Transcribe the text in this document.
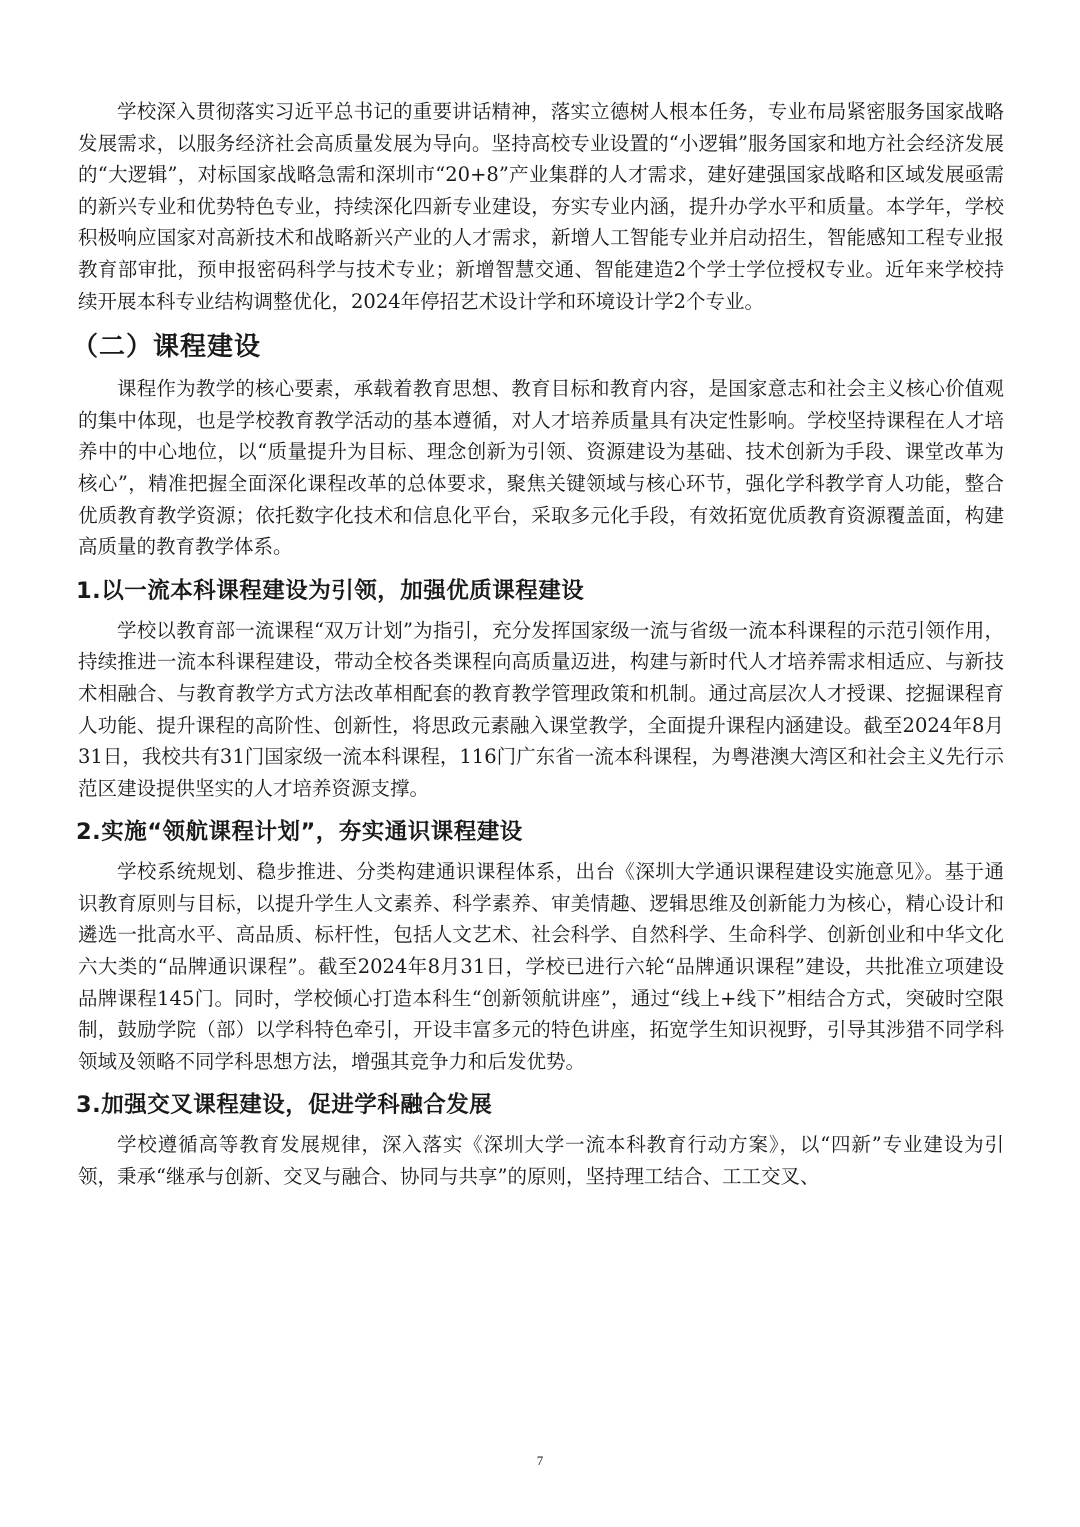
学校深入贯彻落实习近平总书记的重要讲话精神，落实立德树人根本任务，专业布局紧密服务国家战略发展需求，以服务经济社会高质量发展为导向。坚持高校专业设置的“小逻辑”服务国家和地方社会经济发展的“大逻辑”，对标国家战略急需和深圳市“20+8”产业集群的人才需求，建好建强国家战略和区域发展亟需的新兴专业和优势特色专业，持续深化四新专业建设，夯实专业内涵，提升办学水平和质量。本学年，学校积极响应国家对高新技术和战略新兴产业的人才需求，新增人工智能专业并启动招生，智能感知工程专业报教育部审批，预申报密码科学与技术专业；新增智慧交通、智能建造2个学士学位授权专业。近年来学校持续开展本科专业结构调整优化，2024年停招艺术设计学和环境设计学2个专业。

（二）课程建设

课程作为教学的核心要素，承载着教育思想、教育目标和教育内容，是国家意志和社会主义核心价值观的集中体现，也是学校教育教学活动的基本遵循，对人才培养质量具有决定性影响。学校坚持课程在人才培养中的中心地位，以“质量提升为目标、理念创新为引领、资源建设为基础、技术创新为手段、课堂改革为核心”，精准把握全面深化课程改革的总体要求，聚焦关键领域与核心环节，强化学科教学育人功能，整合优质教育教学资源；依托数字化技术和信息化平台，采取多元化手段，有效拓宽优质教育资源覆盖面，构建高质量的教育教学体系。

1.以一流本科课程建设为引领，加强优质课程建设

学校以教育部一流课程“双万计划”为指引，充分发挥国家级一流与省级一流本科课程的示范引领作用，持续推进一流本科课程建设，带动全校各类课程向高质量迈进，构建与新时代人才培养需求相适应、与新技术相融合、与教育教学方式方法改革相配套的教育教学管理政策和机制。通过高层次人才授课、挖掘课程育人功能、提升课程的高阶性、创新性，将思政元素融入课堂教学，全面提升课程内涵建设。截至2024年8月31日，我校共有31门国家级一流本科课程，116门广东省一流本科课程，为粤港澳大湾区和社会主义先行示范区建设提供坚实的人才培养资源支撑。

2.实施“领航课程计划”，夯实通识课程建设

学校系统规划、稳步推进、分类构建通识课程体系，出台《深圳大学通识课程建设实施意见》。基于通识教育原则与目标，以提升学生人文素养、科学素养、审美情趣、逻辑思维及创新能力为核心，精心设计和遴选一批高水平、高品质、标杆性，包括人文艺术、社会科学、自然科学、生命科学、创新创业和中华文化六大类的“品牌通识课程”。截至2024年8月31日，学校已进行六轮“品牌通识课程”建设，共批准立项建设品牌课程145门。同时，学校倾心打造本科生“创新领航讲座”，通过“线上+线下”相结合方式，突破时空限制，鼓励学院（部）以学科特色牵引，开设丰富多元的特色讲座，拓宽学生知识视野，引导其涉猎不同学科领域及领略不同学科思想方法，增强其竞争力和后发优势。

3.加强交叉课程建设，促进学科融合发展

学校遵循高等教育发展规律，深入落实《深圳大学一流本科教育行动方案》，以“四新”专业建设为引领，秉承“继承与创新、交叉与融合、协同与共享”的原则，坚持理工结合、工工交叉、

7
